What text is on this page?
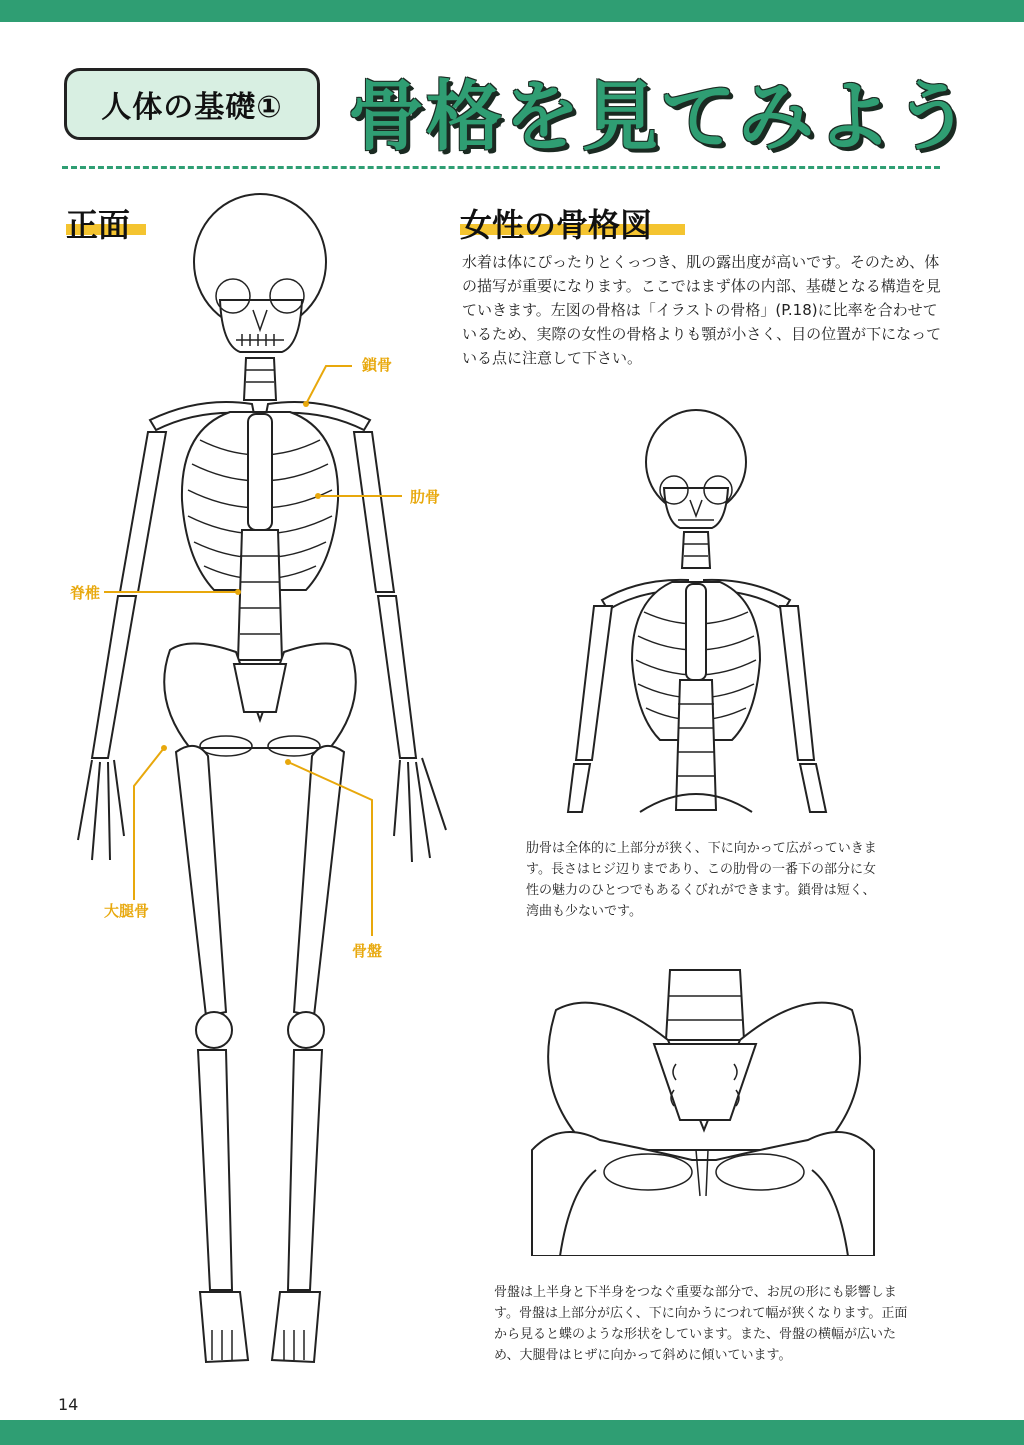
人体の基礎① 骨格を見てみよう
正面	女性の骨格図

水着は体にぴったりとくっつき、肌の露出度が高いです。そのため、体の描写が重要になります。ここではまず体の内部、基礎となる構造を見ていきます。左図の骨格は「イラストの骨格」(P.18)に比率を合わせているため、実際の女性の骨格よりも顎が小さく、目の位置が下になっている点に注意して下さい。

鎖骨
肋骨
脊椎
大腿骨
骨盤

肋骨は全体的に上部分が狭く、下に向かって広がっていきます。長さはヒジ辺りまであり、この肋骨の一番下の部分に女性の魅力のひとつでもあるくびれができます。鎖骨は短く、湾曲も少ないです。

骨盤は上半身と下半身をつなぐ重要な部分で、お尻の形にも影響します。骨盤は上部分が広く、下に向かうにつれて幅が狭くなります。正面から見ると蝶のような形状をしています。また、骨盤の横幅が広いため、大腿骨はヒザに向かって斜めに傾いています。

14
